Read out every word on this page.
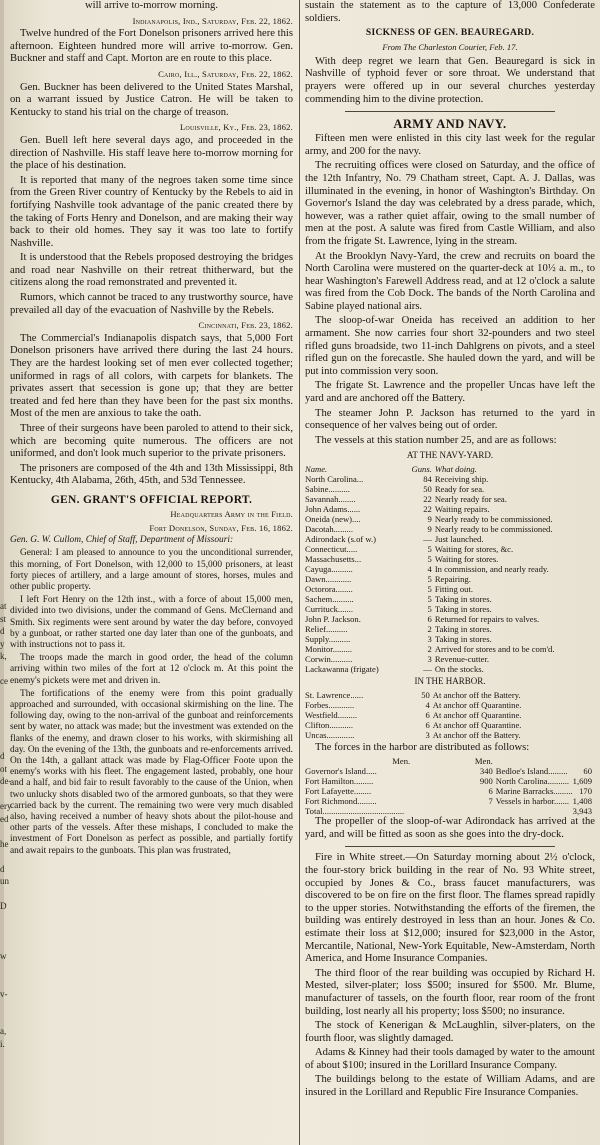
at
st
d
y
k,

ce

d
ot
de-

ery
ed

he

d
un

D

w

v-

a,
i.

will arrive to-morrow morning.

Indianapolis, Ind., Saturday, Feb. 22, 1862.

Twelve hundred of the Fort Donelson prisoners arrived here this afternoon. Eighteen hundred more will arrive to-morrow. Gen. Buckner and staff and Capt. Morton are en route to this place.

Cairo, Ill., Saturday, Feb. 22, 1862.

Gen. Buckner has been delivered to the United States Marshal, on a warrant issued by Justice Catron. He will be taken to Kentucky to stand his trial on the charge of treason.

Louisville, Ky., Feb. 23, 1862.

Gen. Buell left here several days ago, and proceeded in the direction of Nashville. His staff leave here to-morrow morning for the place of his destination.

It is reported that many of the negroes taken some time since from the Green River country of Kentucky by the Rebels to aid in fortifying Nashville took advantage of the panic created there by the taking of Forts Henry and Donelson, and are making their way back to their old homes. They say it was too late to fortify Nashville.

It is understood that the Rebels proposed destroying the bridges and road near Nashville on their retreat thitherward, but the citizens along the road remonstrated and prevented it.

Rumors, which cannot be traced to any trustworthy source, have prevailed all day of the evacuation of Nashville by the Rebels.

Cincinnati, Feb. 23, 1862.

The Commercial's Indianapolis dispatch says, that 5,000 Fort Donelson prisoners have arrived there during the last 24 hours. They are the hardest looking set of men ever collected together; uniformed in rags of all colors, with carpets for blankets. The privates assert that secession is gone up; that they are better treated and fed here than they have been for the past six months. Most of the men are anxious to take the oath.

Three of their surgeons have been paroled to attend to their sick, which are becoming quite numerous. The officers are not uniformed, and don't look much superior to the private prisoners.

The prisoners are composed of the 4th and 13th Mississippi, 8th Kentucky, 4th Alabama, 26th, 45th, and 53d Tennessee.

GEN. GRANT'S OFFICIAL REPORT.

Headquarters Army in the Field.

Fort Donelson, Sunday, Feb. 16, 1862.

Gen. G. W. Cullom, Chief of Staff, Department of Missouri:

General: I am pleased to announce to you the unconditional surrender, this morning, of Fort Donelson, with 12,000 to 15,000 prisoners, at least forty pieces of artillery, and a large amount of stores, horses, mules and other public property.

I left Fort Henry on the 12th inst., with a force of about 15,000 men, divided into two divisions, under the command of Gens. McClernand and Smith. Six regiments were sent around by water the day before, convoyed by a gunboat, or rather started one day later than one of the gunboats, and with instructions not to pass it.

The troops made the march in good order, the head of the column arriving within two miles of the fort at 12 o'clock m. At this point the enemy's pickets were met and driven in.

The fortifications of the enemy were from this point gradually approached and surrounded, with occasional skirmishing on the line. The following day, owing to the non-arrival of the gunboat and reinforcements sent by water, no attack was made; but the investment was extended on the flanks of the enemy, and drawn closer to his works, with skirmishing all day. On the evening of the 13th, the gunboats and re-enforcements arrived. On the 14th, a gallant attack was made by Flag-Officer Foote upon the enemy's works with his fleet. The engagement lasted, probably, one hour and a half, and bid fair to result favorably to the cause of the Union, when two unlucky shots disabled two of the armored gunboats, so that they were carried back by the current. The remaining two were very much disabled also, having received a number of heavy shots about the pilot-house and other parts of the vessels. After these mishaps, I concluded to make the investment of Fort Donelson as perfect as possible, and partially fortify and await repairs to the gunboats. This plan was frustrated,

sustain the statement as to the capture of 13,000 Confederate soldiers.

SICKNESS OF GEN. BEAUREGARD.

From The Charleston Courier, Feb. 17.

With deep regret we learn that Gen. Beauregard is sick in Nashville of typhoid fever or sore throat. We understand that prayers were offered up in our several churches yesterday commending him to the divine protection.

ARMY AND NAVY.

Fifteen men were enlisted in this city last week for the regular army, and 200 for the navy.

The recruiting offices were closed on Saturday, and the office of the 12th Infantry, No. 79 Chatham street, Capt. A. J. Dallas, was illuminated in the evening, in honor of Washington's Birthday. On Governor's Island the day was celebrated by a dress parade, which, however, was a rather quiet affair, owing to the small number of men at the post. A salute was fired from Castle William, and also from the frigate St. Lawrence, lying in the stream.

At the Brooklyn Navy-Yard, the crew and recruits on board the North Carolina were mustered on the quarter-deck at 10½ a. m., to hear Washington's Farewell Address read, and at 12 o'clock a salute was fired from the Cob Dock. The bands of the North Carolina and Sabine played national airs.

The sloop-of-war Oneida has received an addition to her armament. She now carries four short 32-pounders and two steel rifled guns broadside, two 11-inch Dahlgrens on pivots, and a steel rifled gun on the forecastle. She hauled down the yard, and will be put into commission very soon.

The frigate St. Lawrence and the propeller Uncas have left the yard and are anchored off the Battery.

The steamer John P. Jackson has returned to the yard in consequence of her valves being out of order.

The vessels at this station number 25, and are as follows:

AT THE NAVY-YARD.

Name.	Guns.	What doing.
North Carolina...	84	Receiving ship.
Sabine..........	50	Ready for sea.
Savannah........	22	Nearly ready for sea.
John Adams......	22	Waiting repairs.
Oneida (new)....	9	Nearly ready to be commissioned.
Dacotah.........	9	Nearly ready to be commissioned.
Adirondack (s.of w.)	—	Just launched.
Connecticut.....	5	Waiting for stores, &c.
Massachusetts...	5	Waiting for stores.
Cayuga..........	4	In commission, and nearly ready.
Dawn............	5	Repairing.
Octorora........	5	Fitting out.
Sachem..........	5	Taking in stores.
Currituck.......	5	Taking in stores.
John P. Jackson.	6	Returned for repairs to valves.
Relief..........	2	Taking in stores.
Supply..........	3	Taking in stores.
Monitor.........	2	Arrived for stores and to be com'd.
Corwin..........	3	Revenue-cutter.
Lackawanna (frigate)	—	On the stocks.

IN THE HARBOR.

St. Lawrence......	50	At anchor off the Battery.
Forbes............	4	At anchor off Quarantine.
Westfield.........	6	At anchor off Quarantine.
Clifton...........	6	At anchor off Quarantine.
Uncas.............	3	At anchor off the Battery.

The forces in the harbor are distributed as follows:

Men.	Men.		
Governor's Island.....	340	Bedloe's Island.........	60
Fort Hamilton.........	900	North Carolina..........	1,609
Fort Lafayette........	6	Marine Barracks.........	170
Fort Richmond.........	7	Vessels in harbor.......	1,408
Total......................................	3,943

The propeller of the sloop-of-war Adirondack has arrived at the yard, and will be fitted as soon as she goes into the dry-dock.

Fire in White street.—On Saturday morning about 2½ o'clock, the four-story brick building in the rear of No. 93 White street, occupied by Jones & Co., brass faucet manufacturers, was discovered to be on fire on the first floor. The flames spread rapidly to the upper stories. Notwithstanding the efforts of the firemen, the building was entirely destroyed in less than an hour. Jones & Co. estimate their loss at $12,000; insured for $23,000 in the Astor, Mercantile, National, New-York Equitable, New-Amsterdam, North America, and Home Insurance Companies.

The third floor of the rear building was occupied by Richard H. Mested, silver-plater; loss $500; insured for $500. Mr. Blume, manufacturer of tassels, on the fourth floor, rear room of the front building, lost nearly all his property; loss $500; no insurance.

The stock of Kenerigan & McLaughlin, silver-platers, on the fourth floor, was slightly damaged.

Adams & Kinney had their tools damaged by water to the amount of about $100; insured in the Lorillard Insurance Company.

The buildings belong to the estate of William Adams, and are insured in the Lorillard and Republic Fire Insurance Companies.
